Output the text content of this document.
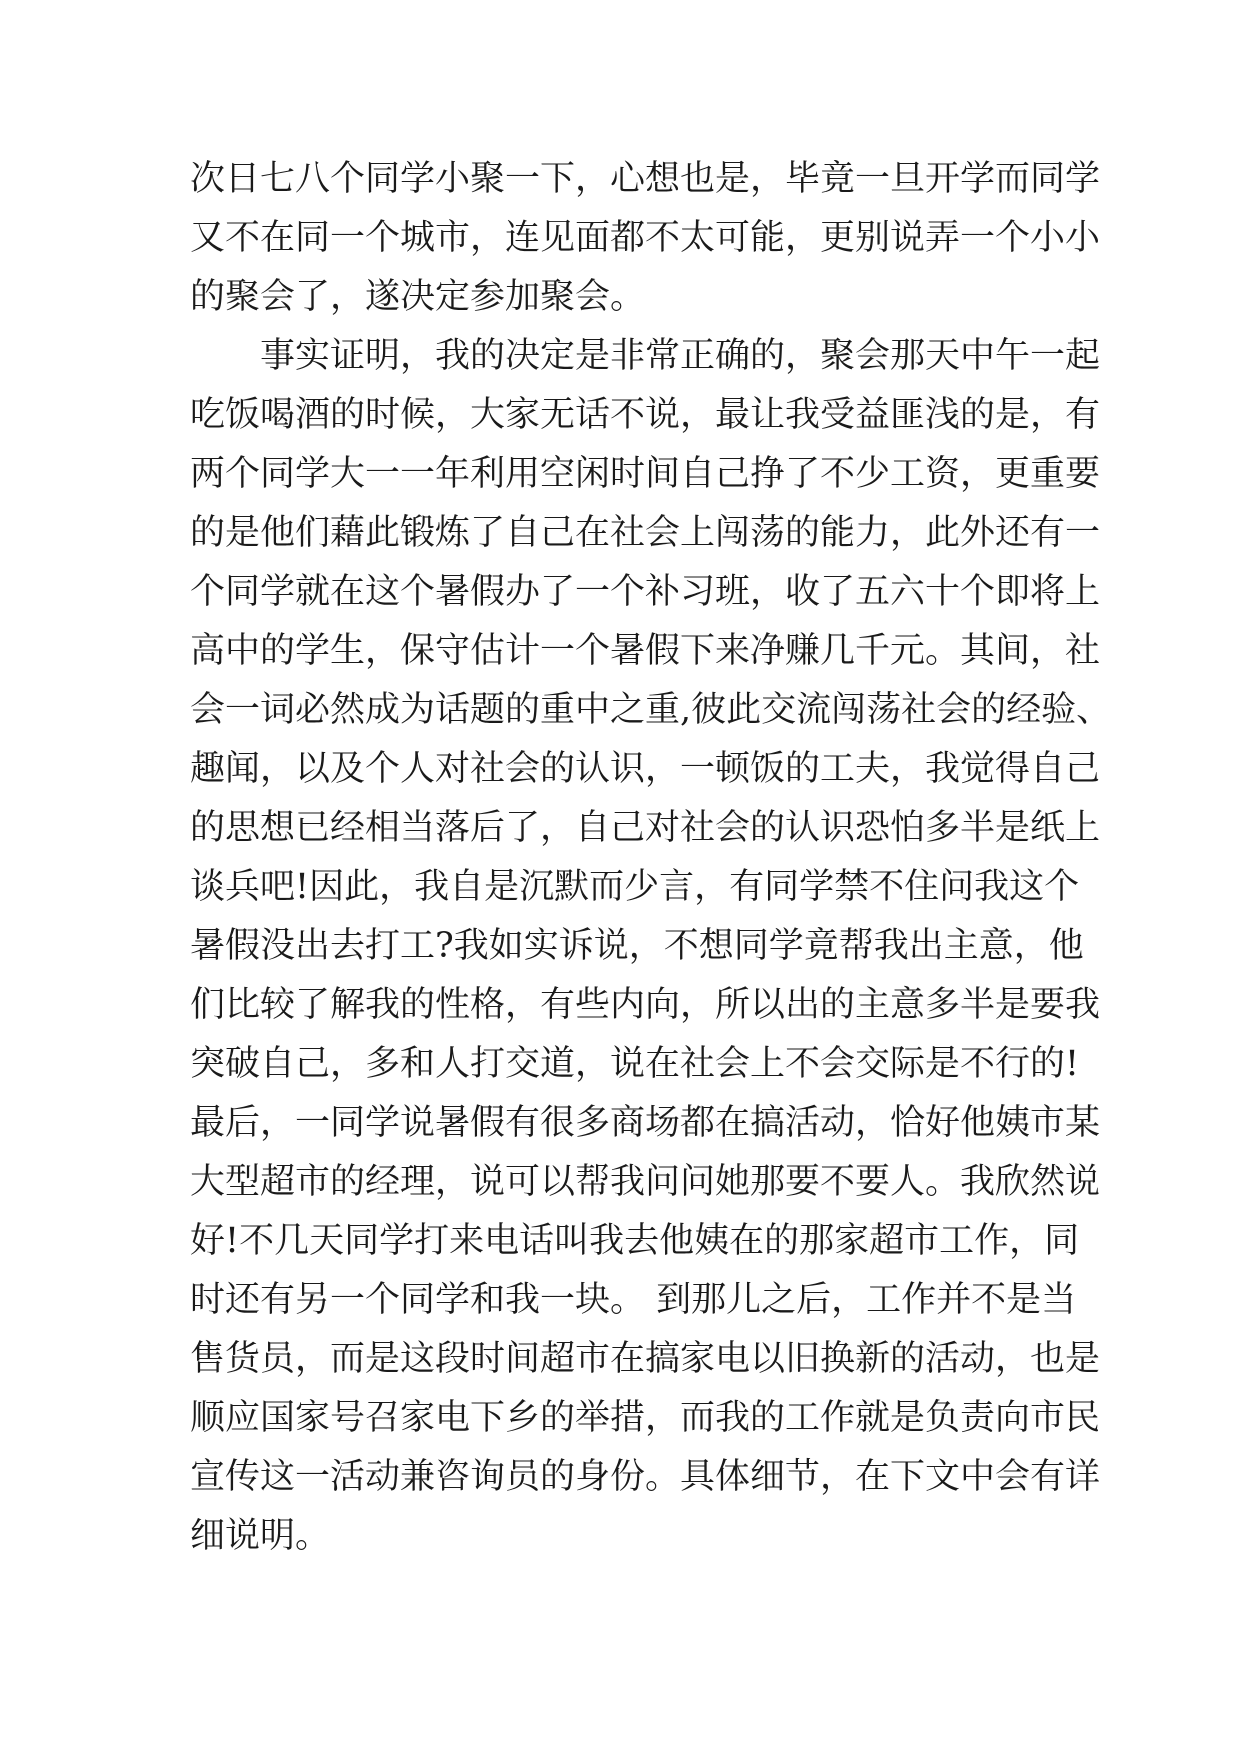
次日七八个同学小聚一下，心想也是，毕竟一旦开学而同学
又不在同一个城市，连见面都不太可能，更别说弄一个小小
的聚会了，遂决定参加聚会。
事实证明，我的决定是非常正确的，聚会那天中午一起
吃饭喝酒的时候，大家无话不说，最让我受益匪浅的是，有
两个同学大一一年利用空闲时间自己挣了不少工资，更重要
的是他们藉此锻炼了自己在社会上闯荡的能力，此外还有一
个同学就在这个暑假办了一个补习班，收了五六十个即将上
高中的学生，保守估计一个暑假下来净赚几千元。其间，社
会一词必然成为话题的重中之重,彼此交流闯荡社会的经验、
趣闻，以及个人对社会的认识，一顿饭的工夫，我觉得自己
的思想已经相当落后了，自己对社会的认识恐怕多半是纸上
谈兵吧!因此，我自是沉默而少言，有同学禁不住问我这个
暑假没出去打工?我如实诉说，不想同学竟帮我出主意，他
们比较了解我的性格，有些内向，所以出的主意多半是要我
突破自己，多和人打交道，说在社会上不会交际是不行的!
最后，一同学说暑假有很多商场都在搞活动，恰好他姨市某
大型超市的经理，说可以帮我问问她那要不要人。我欣然说
好!不几天同学打来电话叫我去他姨在的那家超市工作，同
时还有另一个同学和我一块。 到那儿之后，工作并不是当
售货员，而是这段时间超市在搞家电以旧换新的活动，也是
顺应国家号召家电下乡的举措，而我的工作就是负责向市民
宣传这一活动兼咨询员的身份。具体细节，在下文中会有详
细说明。
